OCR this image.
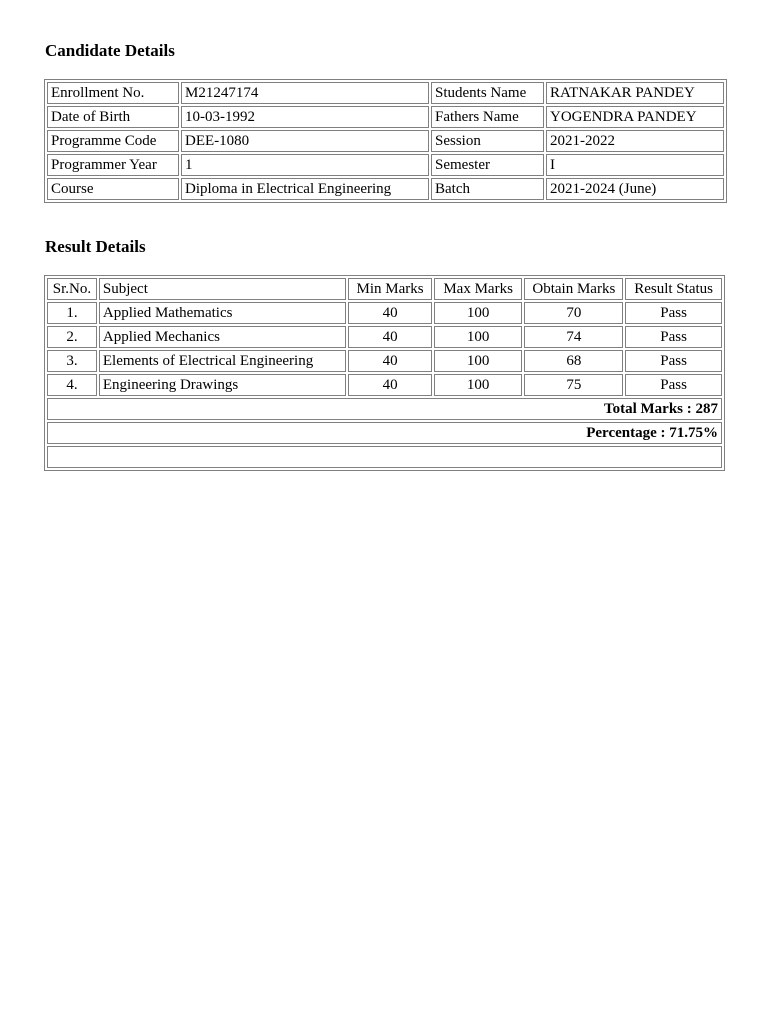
Candidate Details
Enrollment No.	M21247174	Students Name	RATNAKAR PANDEY
Date of Birth	10-03-1992	Fathers Name	YOGENDRA PANDEY
Programme Code	DEE-1080	Session	2021-2022
Programmer Year	1	Semester	I
Course	Diploma in Electrical Engineering	Batch	2021-2024 (June)
Result Details
Sr.No.	Subject	Min Marks	Max Marks	Obtain Marks	Result Status
1.	Applied Mathematics	40	100	70	Pass
2.	Applied Mechanics	40	100	74	Pass
3.	Elements of Electrical Engineering	40	100	68	Pass
4.	Engineering Drawings	40	100	75	Pass
Total Marks : 287					
Percentage : 71.75%					
